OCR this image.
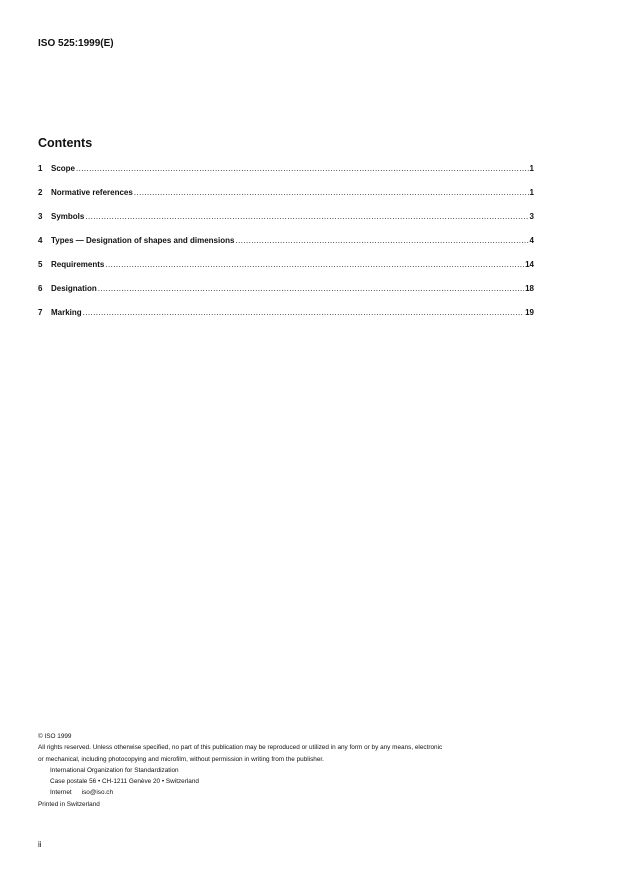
ISO 525:1999(E)
Contents
1	Scope .....	1
2	Normative references .....	1
3	Symbols .....	3
4	Types — Designation of shapes and dimensions .....	4
5	Requirements .....	14
6	Designation .....	18
7	Marking .....	19
© ISO 1999
All rights reserved. Unless otherwise specified, no part of this publication may be reproduced or utilized in any form or by any means, electronic
or mechanical, including photocopying and microfilm, without permission in writing from the publisher.
International Organization for Standardization
Case postale 56 • CH-1211 Genève 20 • Switzerland
Internet iso@iso.ch
Printed in Switzerland
ii
